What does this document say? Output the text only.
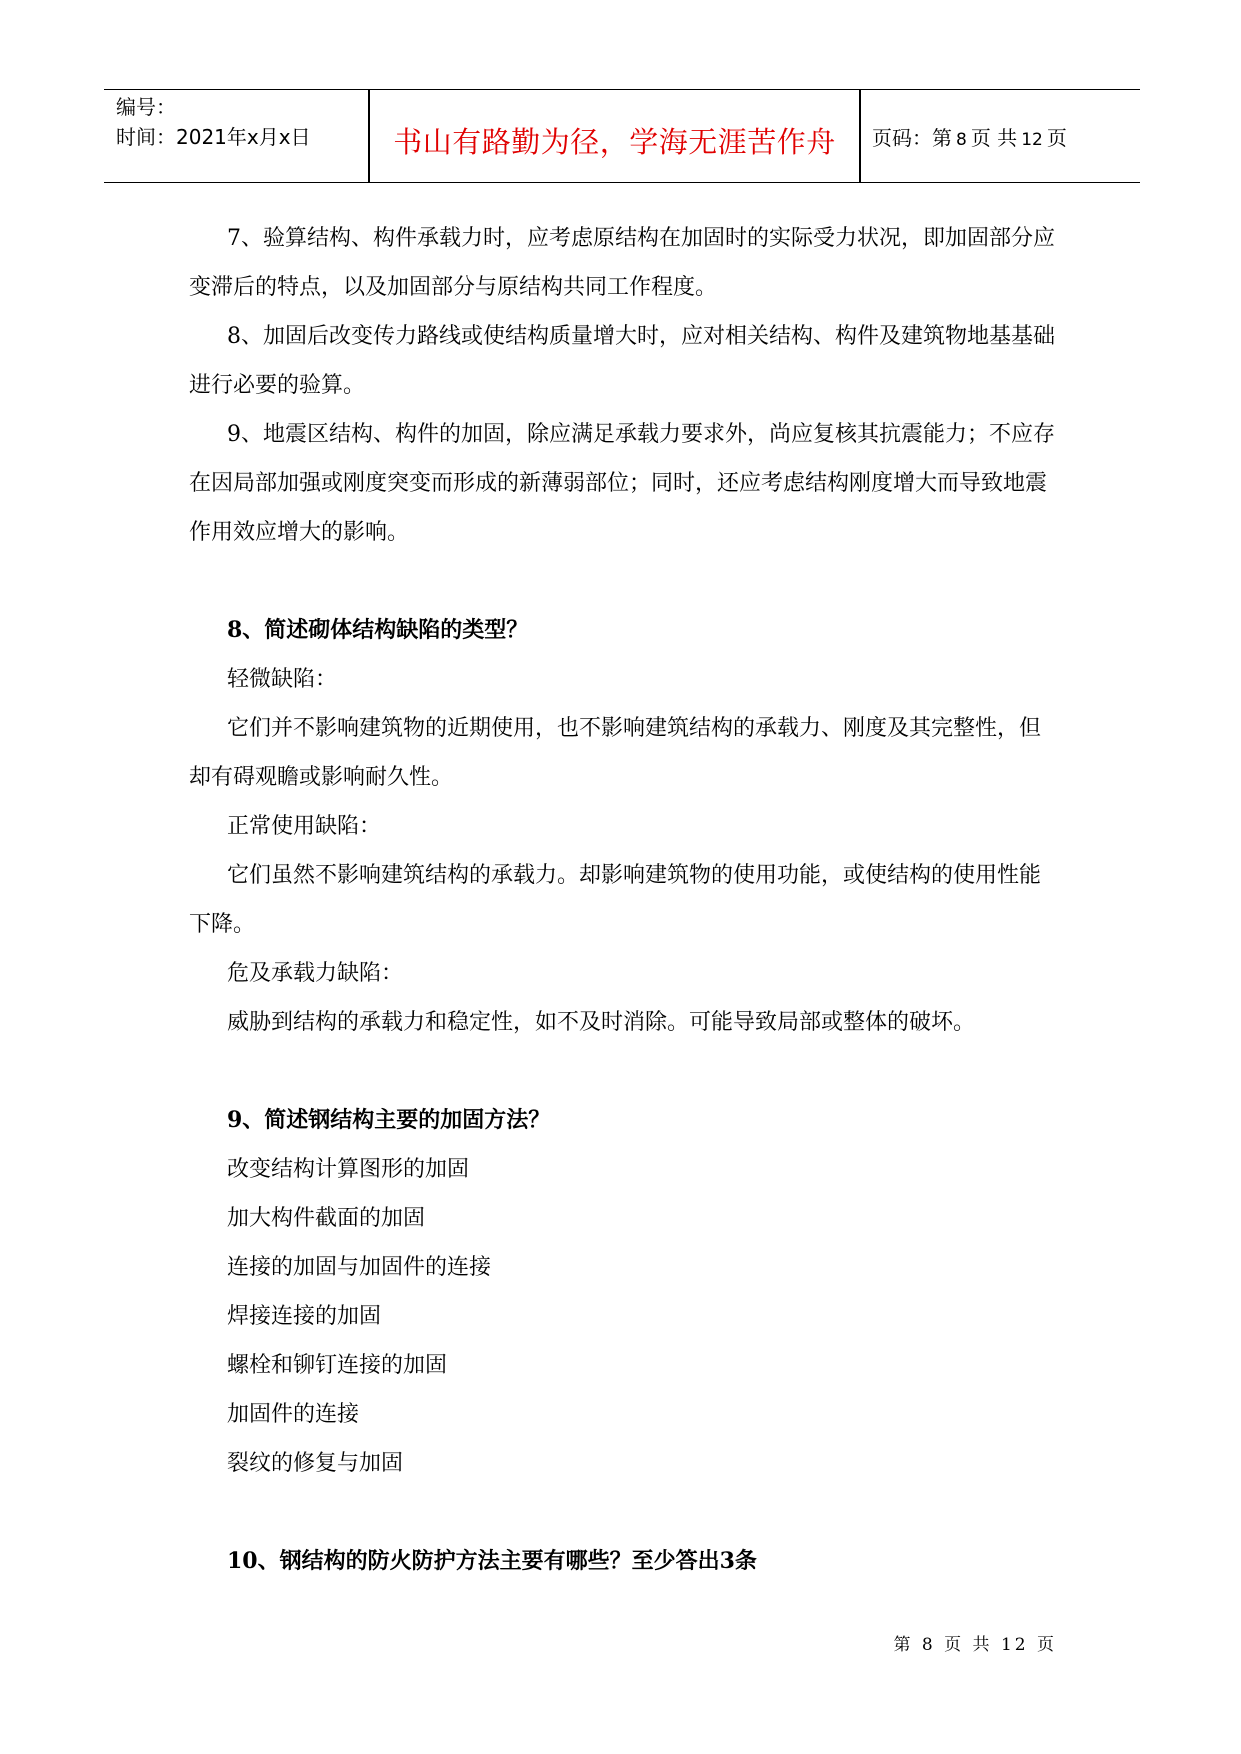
编号：
时间：2021年x月x日	书山有路勤为径，学海无涯苦作舟	页码：第 8 页 共 12 页

7、验算结构、构件承载力时，应考虑原结构在加固时的实际受力状况，即加固部分应变滞后的特点，以及加固部分与原结构共同工作程度。

8、加固后改变传力路线或使结构质量增大时，应对相关结构、构件及建筑物地基基础进行必要的验算。

9、地震区结构、构件的加固，除应满足承载力要求外，尚应复核其抗震能力；不应存在因局部加强或刚度突变而形成的新薄弱部位；同时，还应考虑结构刚度增大而导致地震作用效应增大的影响。

8、简述砌体结构缺陷的类型？

轻微缺陷：

它们并不影响建筑物的近期使用，也不影响建筑结构的承载力、刚度及其完整性，但却有碍观瞻或影响耐久性。

正常使用缺陷：

它们虽然不影响建筑结构的承载力。却影响建筑物的使用功能，或使结构的使用性能下降。

危及承载力缺陷：

威胁到结构的承载力和稳定性，如不及时消除。可能导致局部或整体的破坏。

9、简述钢结构主要的加固方法？

改变结构计算图形的加固

加大构件截面的加固

连接的加固与加固件的连接

焊接连接的加固

螺栓和铆钉连接的加固

加固件的连接

裂纹的修复与加固

10、钢结构的防火防护方法主要有哪些？至少答出3条

第 8 页 共 12 页
